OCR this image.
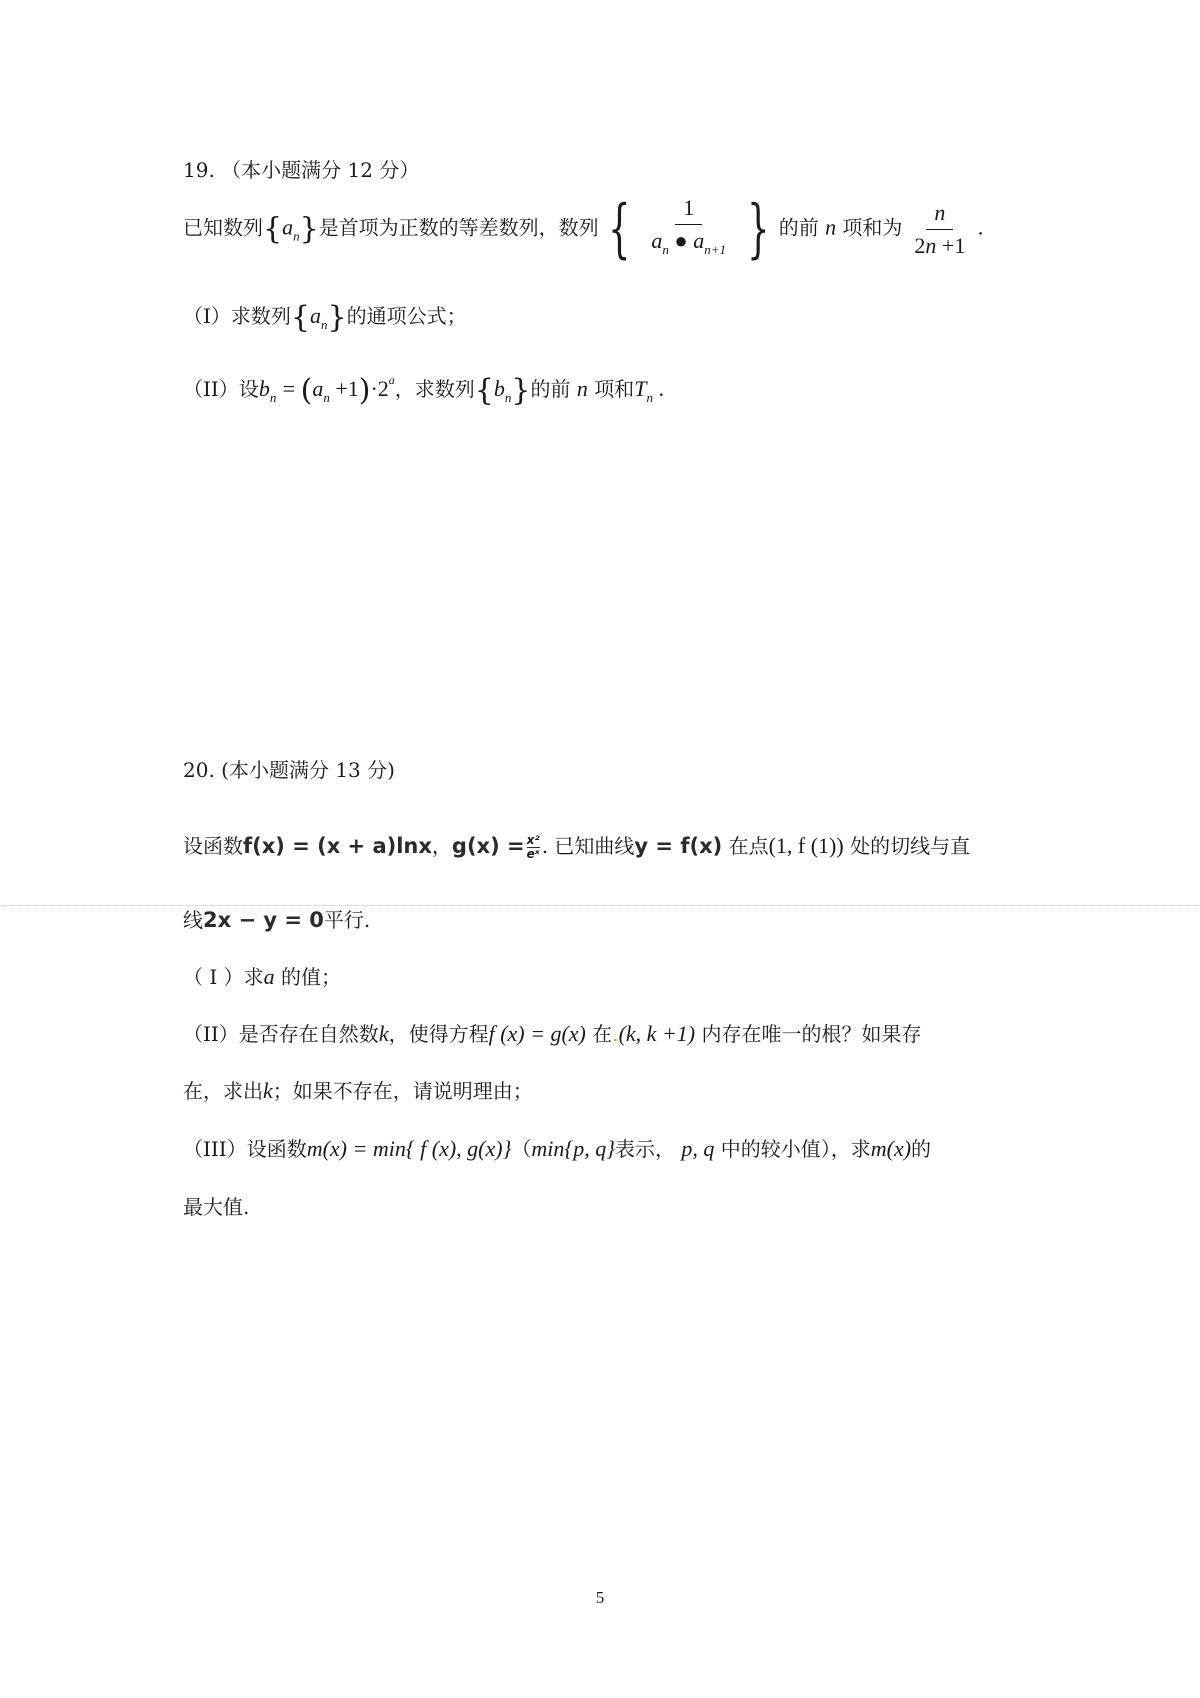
19. （本小题满分 12 分）
已知数列$\{a_n\}$是首项为正数的等差数列，数列 { $\frac{1}{a_n ● a_{n+1}}$ } 的前 n 项和为 $\frac{n}{2n +1}$ .
（I）求数列$\{a_n\}$的通项公式；
（II）设$b_n = (a_n +1)\cdot 2^a$，求数列$\{b_n\}$的前 n 项和$T_n$ .
20. (本小题满分 13 分)
设函数f(x) = (x + a)lnx，$g(x) = \frac{\text{x²}}{\text{eˣ}}$ . 已知曲线y = f(x) 在点(1, f (1)) 处的切线与直
线2x − y = 0平行.
（ I ）求a 的值；
（II）是否存在自然数k，使得方程f (x) = g(x) 在.(k, k +1) 内存在唯一的根？如果存
在，求出k；如果不存在，请说明理由；
（III）设函数m(x) = min{ f (x), g(x)}（min{p, q}表示， p, q 中的较小值），求m(x)的
最大值.
5
